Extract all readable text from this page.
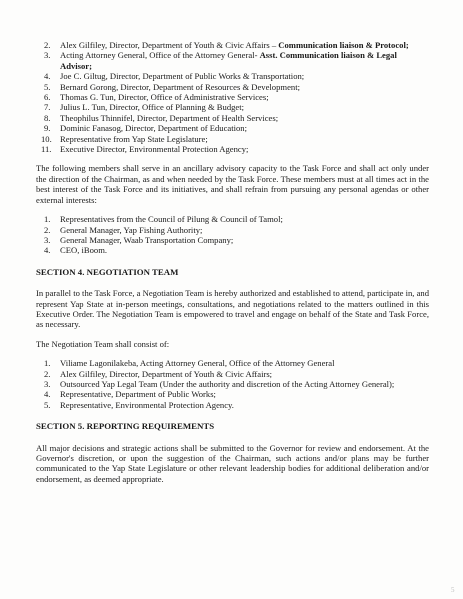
2.	Alex Gilfiley, Director, Department of Youth & Civic Affairs – Communication liaison & Protocol;
3.	Acting Attorney General, Office of the Attorney General- Asst. Communication liaison & Legal Advisor;
4.	Joe C. Giltug, Director, Department of Public Works & Transportation;
5.	Bernard Gorong, Director, Department of Resources & Development;
6.	Thomas G. Tun, Director, Office of Administrative Services;
7.	Julius L. Tun, Director, Office of Planning & Budget;
8.	Theophilus Thinnifel, Director, Department of Health Services;
9.	Dominic Fanasog, Director, Department of Education;
10. Representative from Yap State Legislature;
11. Executive Director, Environmental Protection Agency;

The following members shall serve in an ancillary advisory capacity to the Task Force and shall act only under the direction of the Chairman, as and when needed by the Task Force. These members must at all times act in the best interest of the Task Force and its initiatives, and shall refrain from pursuing any personal agendas or other external interests:

1.	Representatives from the Council of Pilung & Council of Tamol;
2.	General Manager, Yap Fishing Authority;
3.	General Manager, Waab Transportation Company;
4.	CEO, iBoom.
SECTION 4. NEGOTIATION TEAM

In parallel to the Task Force, a Negotiation Team is hereby authorized and established to attend, participate in, and represent Yap State at in-person meetings, consultations, and negotiations related to the matters outlined in this Executive Order. The Negotiation Team is empowered to travel and engage on behalf of the State and Task Force, as necessary.

The Negotiation Team shall consist of:

1.	Viliame Lagonilakeba, Acting Attorney General, Office of the Attorney General
2.	Alex Gilfiley, Director, Department of Youth & Civic Affairs;
3.	Outsourced Yap Legal Team (Under the authority and discretion of the Acting Attorney General);
4.	Representative, Department of Public Works;
5.	Representative, Environmental Protection Agency.
SECTION 5. REPORTING REQUIREMENTS

All major decisions and strategic actions shall be submitted to the Governor for review and endorsement. At the Governor's discretion, or upon the suggestion of the Chairman, such actions and/or plans may be further communicated to the Yap State Legislature or other relevant leadership bodies for additional deliberation and/or endorsement, as deemed appropriate.

5
